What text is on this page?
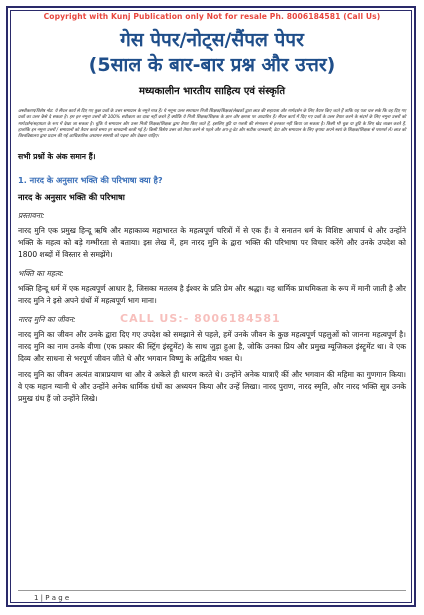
Copyright with Kunj Publication only Not for resale Ph. 8006184581 (Call Us)
गेस पेपर/नोट्स/सैंपल पेपर
(5साल के बार-बार प्रश्न और उत्तर)
मध्यकालीन भारतीय साहित्य एवं संस्कृति
अस्वीकरण/विशेष नोट: ये सैंपल कार्य से दिए गए कुछ प्रश्नों के उत्तर समाधान के नमूने मात्र हैं। ये नमूना उत्तर समाधान निजी शिक्षक/शिक्षक/लेखकों द्वारा छात्र की सहायता और मार्गदर्शन के लिए तैयार किए जाते हैं ताकि यह पता चल सके कि वह दिए गए प्रश्नों का उत्तर कैसे दे सकता है। हम इन नमूना उत्तरों की 100% सटीकता का दावा नहीं करते हैं क्योंकि ये निजी शिक्षक/शिक्षक के ज्ञान और क्षमता पर आधारित हैं। सैंपल कार्य में दिए गए प्रश्नों के उत्तर तैयार करने के संदर्भ के लिए नमूना उत्तरों को मार्गदर्शन/सहायता के रूप में देखा जा सकता है। चूंकि ये समाधान और उत्तर निजी शिक्षक/शिक्षक द्वारा तैयार किए जाते हैं, इसलिए त्रुटि या गलती की संभावना से इनकार नहीं किया जा सकता है। किसी भी चूक या त्रुटि के लिए खेद व्यक्त करते हैं, हालांकि इन नमूना उत्तरों / समाधानों को तैयार करते समय हर सावधानी बरती गई है। किसी विशेष उत्तर को तैयार करने से पहले और अप-टू-डेट और सटीक जानकारी, डेटा और समाधान के लिए कृपया अपने स्वयं के शिक्षक/शिक्षक से परामर्श लें। छात्र को विश्वविद्यालय द्वारा प्रदान की गई आधिकारिक अध्ययन सामग्री को पढ़ना और देखना चाहिए।
सभी प्रश्नों के अंक समान हैं।
1. नारद के अनुसार भक्ति की परिभाषा क्या है?
नारद के अनुसार भक्ति की परिभाषा
प्रस्तावना:
नारद मुनि एक प्रमुख हिन्दू ऋषि और महाकाव्य महाभारत के महत्वपूर्ण चरित्रों में से एक हैं। वे सनातन धर्म के विशिष्ट आचार्य थे और उन्होंने भक्ति के महत्व को बड़े गम्भीरता से बताया। इस लेख में, हम नारद मुनि के द्वारा भक्ति की परिभाषा पर विचार करेंगे और उनके उपदेश को 1800 शब्दों में विस्तार से समझेंगे।
भक्ति का महत्व:
भक्ति हिन्दू धर्म में एक महत्वपूर्ण आधार है, जिसका मतलब है ईश्वर के प्रति प्रेम और श्रद्धा। यह धार्मिक प्राथमिकता के रूप में मानी जाती है और नारद मुनि ने इसे अपने ग्रंथों में महत्वपूर्ण भाग माना।
नारद मुनि का जीवन:
नारद मुनि का जीवन और उनके द्वारा दिए गए उपदेश को समझाने से पहले, हमें उनके जीवन के कुछ महत्वपूर्ण पहलुओं को जानना महत्वपूर्ण है। नारद मुनि का नाम उनके वीणा (एक प्रकार की स्ट्रिंग इंस्ट्रूमेंट) के साथ जुड़ा हुआ है, जोकि उनका प्रिय और प्रमुख म्यूजिकल इंस्ट्रूमेंट था। वे एक दिव्य और साधना से भरपूर्ण जीवन जीते थे और भगवान विष्णु के अद्वितीय भक्त थे।
नारद मुनि का जीवन अत्यंत वात्राप्रयाण था और वे अकेले ही धारण करते थे। उन्होंने अनेक यात्राएँ कीं और भगवान की महिमा का गुणगान किया। वे एक महान ग्यानी थे और उन्होंने अनेक धार्मिक ग्रंथों का अध्ययन किया और उन्हें लिखा। नारद पुराण, नारद स्मृति, और नारद भक्ति सूत्र उनके प्रमुख ग्रंथ हैं जो उन्होंने लिखे।
CALL US:- 8006184581
1 | P a g e
